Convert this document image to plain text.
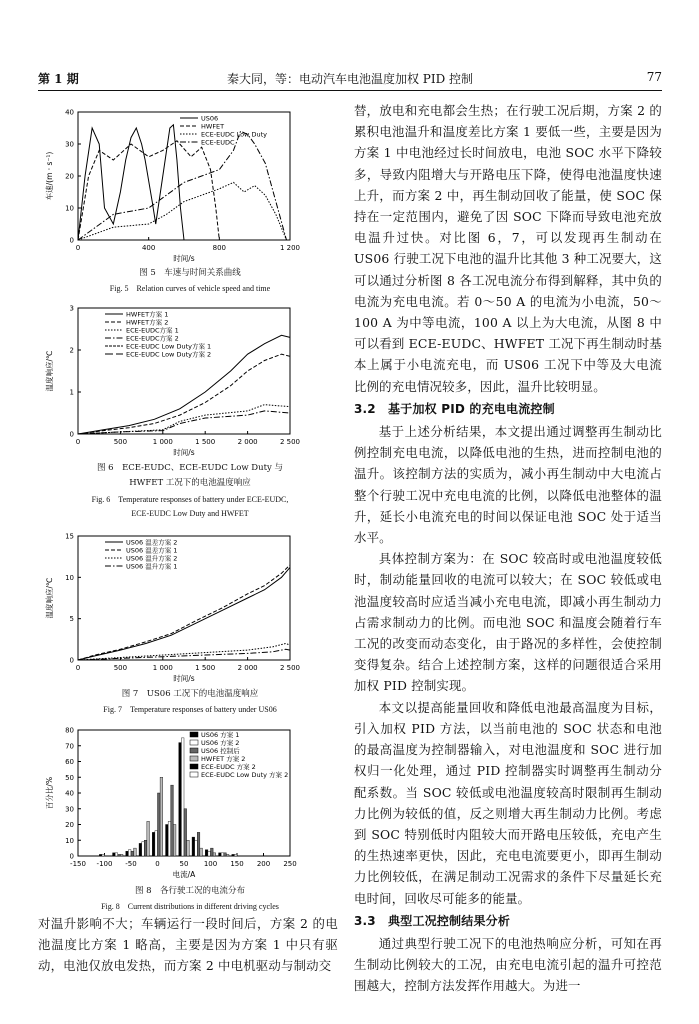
第 1 期	秦大同，等：电动汽车电池温度加权 PID 控制	77
0	400	800	1 200
0
10
20
30
40
时间/s
车速/(m · s⁻¹)
US06
HWFET
ECE-EUDC Low Duty
ECE-EUDC
图 5　车速与时间关系曲线
Fig. 5　Relation curves of vehicle speed and time
0	500	1 000	1 500	2 000	2 500
0
1
2
3
时间/s
温度响应/℃
HWFET方案 1
HWFET方案 2
ECE-EUDC方案 1
ECE-EUDC方案 2
ECE-EUDC Low Duty方案 1
ECE-EUDC Low Duty方案 2
图 6　ECE-EUDC、ECE-EUDC Low Duty 与
HWFET 工况下的电池温度响应
Fig. 6　Temperature responses of battery under ECE-EUDC,
ECE-EUDC Low Duty and HWFET
0	500	1 000	1 500	2 000	2 500
0
5
10
15
时间/s
温度响应/℃
US06 温差方案 2
US06 温差方案 1
US06 温升方案 2
US06 温升方案 1
图 7　US06 工况下的电池温度响应
Fig. 7　Temperature responses of battery under US06
-150 -100 -50	0	50 100 150 200 250
0
10
20
30
40
50
60
70
80
电流/A
百分比/%
US06 方案 1
US06 方案 2
US06 控制后
HWFET 方案 2
ECE-EUDC 方案 2
ECE-EUDC Low Duty 方案 2
图 8　各行驶工况的电流分布
Fig. 8　Current distributions in different driving cycles

对温升影响不大；车辆运行一段时间后，方案 2 的电池温度比方案 1 略高，主要是因为方案 1 中只有驱动，电池仅放电发热，而方案 2 中电机驱动与制动交

替，放电和充电都会生热；在行驶工况后期，方案 2 的累积电池温升和温度差比方案 1 要低一些，主要是因为方案 1 中电池经过长时间放电，电池 SOC 水平下降较多，导致内阻增大与开路电压下降，使得电池温度快速上升，而方案 2 中，再生制动回收了能量，使 SOC 保持在一定范围内，避免了因 SOC 下降而导致电池充放电温升过快。对比图 6，7，可以发现再生制动在 US06 行驶工况下电池的温升比其他 3 种工况要大，这可以通过分析图 8 各工况电流分布得到解释，其中负的电流为充电电流。若 0～50 A 的电流为小电流，50～100 A 为中等电流，100 A 以上为大电流，从图 8 中可以看到 ECE-EUDC、HWFET 工况下再生制动时基本上属于小电流充电，而 US06 工况下中等及大电流比例的充电情况较多，因此，温升比较明显。

3.2　基于加权 PID 的充电电流控制

基于上述分析结果，本文提出通过调整再生制动比例控制充电电流，以降低电池的生热，进而控制电池的温升。该控制方法的实质为，减小再生制动中大电流占整个行驶工况中充电电流的比例，以降低电池整体的温升，延长小电流充电的时间以保证电池 SOC 处于适当水平。

具体控制方案为：在 SOC 较高时或电池温度较低时，制动能量回收的电流可以较大；在 SOC 较低或电池温度较高时应适当减小充电电流，即减小再生制动力占需求制动力的比例。而电池 SOC 和温度会随着行车工况的改变而动态变化，由于路况的多样性，会使控制变得复杂。结合上述控制方案，这样的问题很适合采用加权 PID 控制实现。

本文以提高能量回收和降低电池最高温度为目标，引入加权 PID 方法，以当前电池的 SOC 状态和电池的最高温度为控制器输入，对电池温度和 SOC 进行加权归一化处理，通过 PID 控制器实时调整再生制动分配系数。当 SOC 较低或电池温度较高时限制再生制动力比例为较低的值，反之则增大再生制动力比例。考虑到 SOC 特别低时内阻较大而开路电压较低，充电产生的生热速率更快，因此，充电电流要更小，即再生制动力比例较低，在满足制动工况需求的条件下尽量延长充电时间，回收尽可能多的能量。

3.3　典型工况控制结果分析

通过典型行驶工况下的电池热响应分析，可知在再生制动比例较大的工况，由充电电流引起的温升可控范围越大，控制方法发挥作用越大。为进一
